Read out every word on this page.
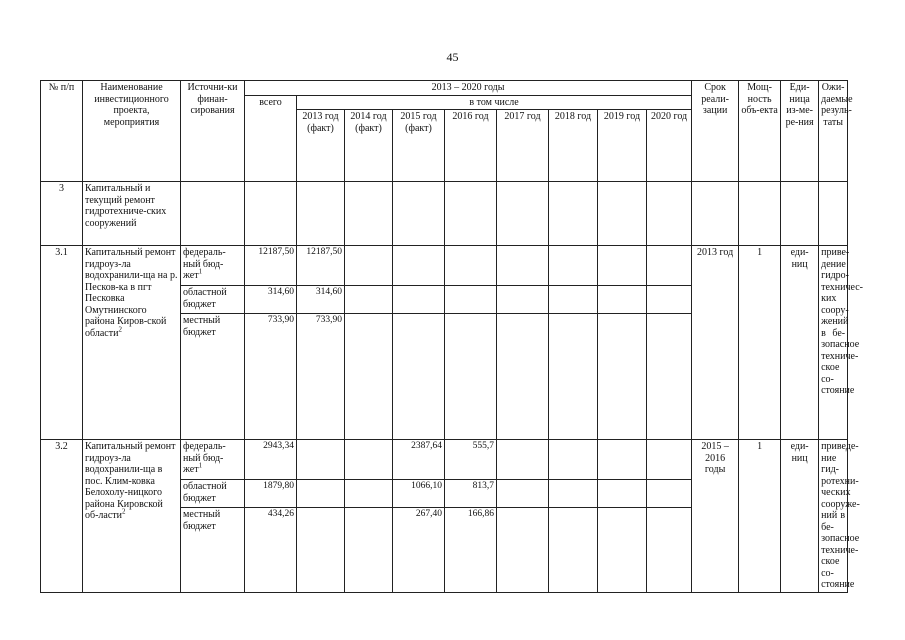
45
№ п/п	Наименование инвестиционного проекта, мероприятия	Источни-ки финан-сирования	2013 – 2020 годы									Срок реали-зации	Мощ-ность объ-екта	Еди-ница из-ме-ре-ния	Ожи-даемые резуль-таты
			всего	в том числе											
				2013 год (факт)	2014 год (факт)	2015 год (факт)	2016 год	2017 год	2018 год	2019 год	2020 год				
3	Капитальный и текущий ремонт гидротехниче-ских сооружений														
3.1	Капитальный ремонт гидроуз-ла водохранили-ща на р. Песков-ка в пгт Песковка Омутнинского района Киров-ской области$^2$	федераль-ный бюд-жет$^1$	12187,50	12187,50								2013 год	1	еди-ниц	приве-дение гидро-техничес-ких соору-жений в бе-зопасное техниче-ское со-стояние
		областной бюджет	314,60	314,60											
		местный бюджет	733,90	733,90											
3.2	Капитальный ремонт гидроуз-ла водохранили-ща в пос. Клим-ковка Белохолу-ницкого района Кировской об-ласти$^2$	федераль-ный бюд-жет$^1$	2943,34			2387,64	555,7					2015 – 2016 годы	1	еди-ниц	приведе-ние гид-ротехни-ческих сооруже-ний в бе-зопасное техниче-ское со-стояние
		областной бюджет	1879,80			1066,10	813,7								
		местный бюджет	434,26			267,40	166,86								
